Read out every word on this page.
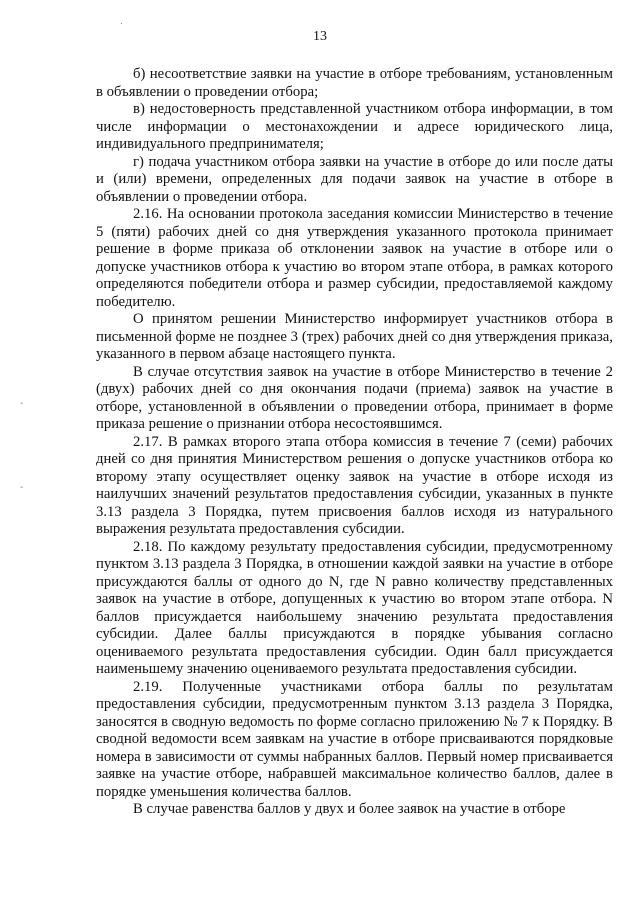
13
.
-
-

б) несоответствие заявки на участие в отборе требованиям, установленным в объявлении о проведении отбора;

в) недостоверность представленной участником отбора информации, в том числе информации о местонахождении и адресе юридического лица, индивидуального предпринимателя;

г) подача участником отбора заявки на участие в отборе до или после даты и (или) времени, определенных для подачи заявок на участие в отборе в объявлении о проведении отбора.

2.16. На основании протокола заседания комиссии Министерство в течение 5 (пяти) рабочих дней со дня утверждения указанного протокола принимает решение в форме приказа об отклонении заявок на участие в отборе или о допуске участников отбора к участию во втором этапе отбора, в рамках которого определяются победители отбора и размер субсидии, предоставляемой каждому победителю.

О принятом решении Министерство информирует участников отбора в письменной форме не позднее 3 (трех) рабочих дней со дня утверждения приказа, указанного в первом абзаце настоящего пункта.

В случае отсутствия заявок на участие в отборе Министерство в течение 2 (двух) рабочих дней со дня окончания подачи (приема) заявок на участие в отборе, установленной в объявлении о проведении отбора, принимает в форме приказа решение о признании отбора несостоявшимся.

2.17. В рамках второго этапа отбора комиссия в течение 7 (семи) рабочих дней со дня принятия Министерством решения о допуске участников отбора ко второму этапу осуществляет оценку заявок на участие в отборе исходя из наилучших значений результатов предоставления субсидии, указанных в пункте 3.13 раздела 3 Порядка, путем присвоения баллов исходя из натурального выражения результата предоставления субсидии.

2.18. По каждому результату предоставления субсидии, предусмотренному пунктом 3.13 раздела 3 Порядка, в отношении каждой заявки на участие в отборе присуждаются баллы от одного до N, где N равно количеству представленных заявок на участие в отборе, допущенных к участию во втором этапе отбора. N баллов присуждается наибольшему значению результата предоставления субсидии. Далее баллы присуждаются в порядке убывания согласно оцениваемого результата предоставления субсидии. Один балл присуждается наименьшему значению оцениваемого результата предоставления субсидии.

2.19. Полученные участниками отбора баллы по результатам предоставления субсидии, предусмотренным пунктом 3.13 раздела 3 Порядка, заносятся в сводную ведомость по форме согласно приложению № 7 к Порядку. В сводной ведомости всем заявкам на участие в отборе присваиваются порядковые номера в зависимости от суммы набранных баллов. Первый номер присваивается заявке на участие отборе, набравшей максимальное количество баллов, далее в порядке уменьшения количества баллов.

В случае равенства баллов у двух и более заявок на участие в отборе
